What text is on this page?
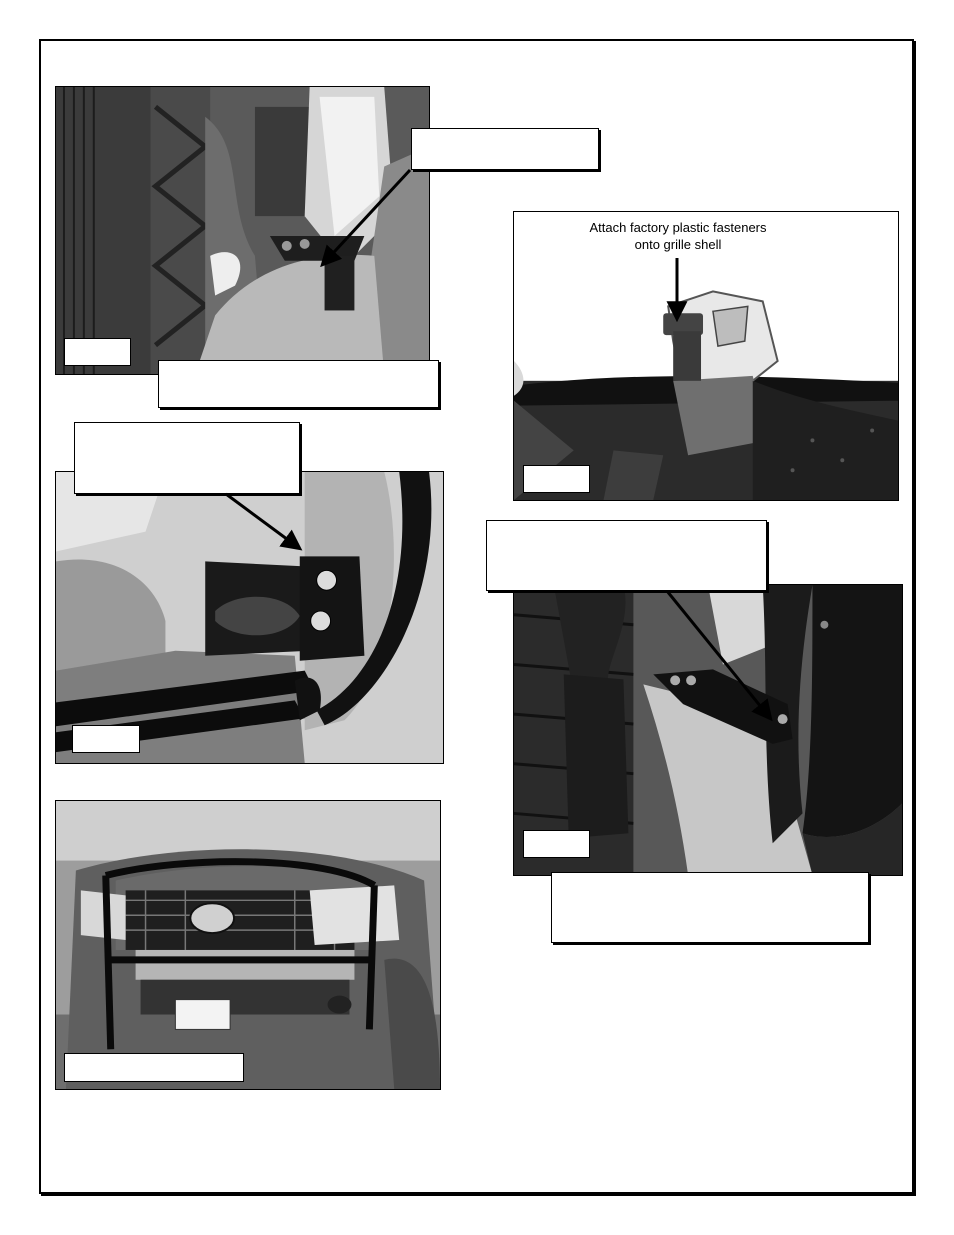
Attach factory plastic fasteners
onto grille shell
